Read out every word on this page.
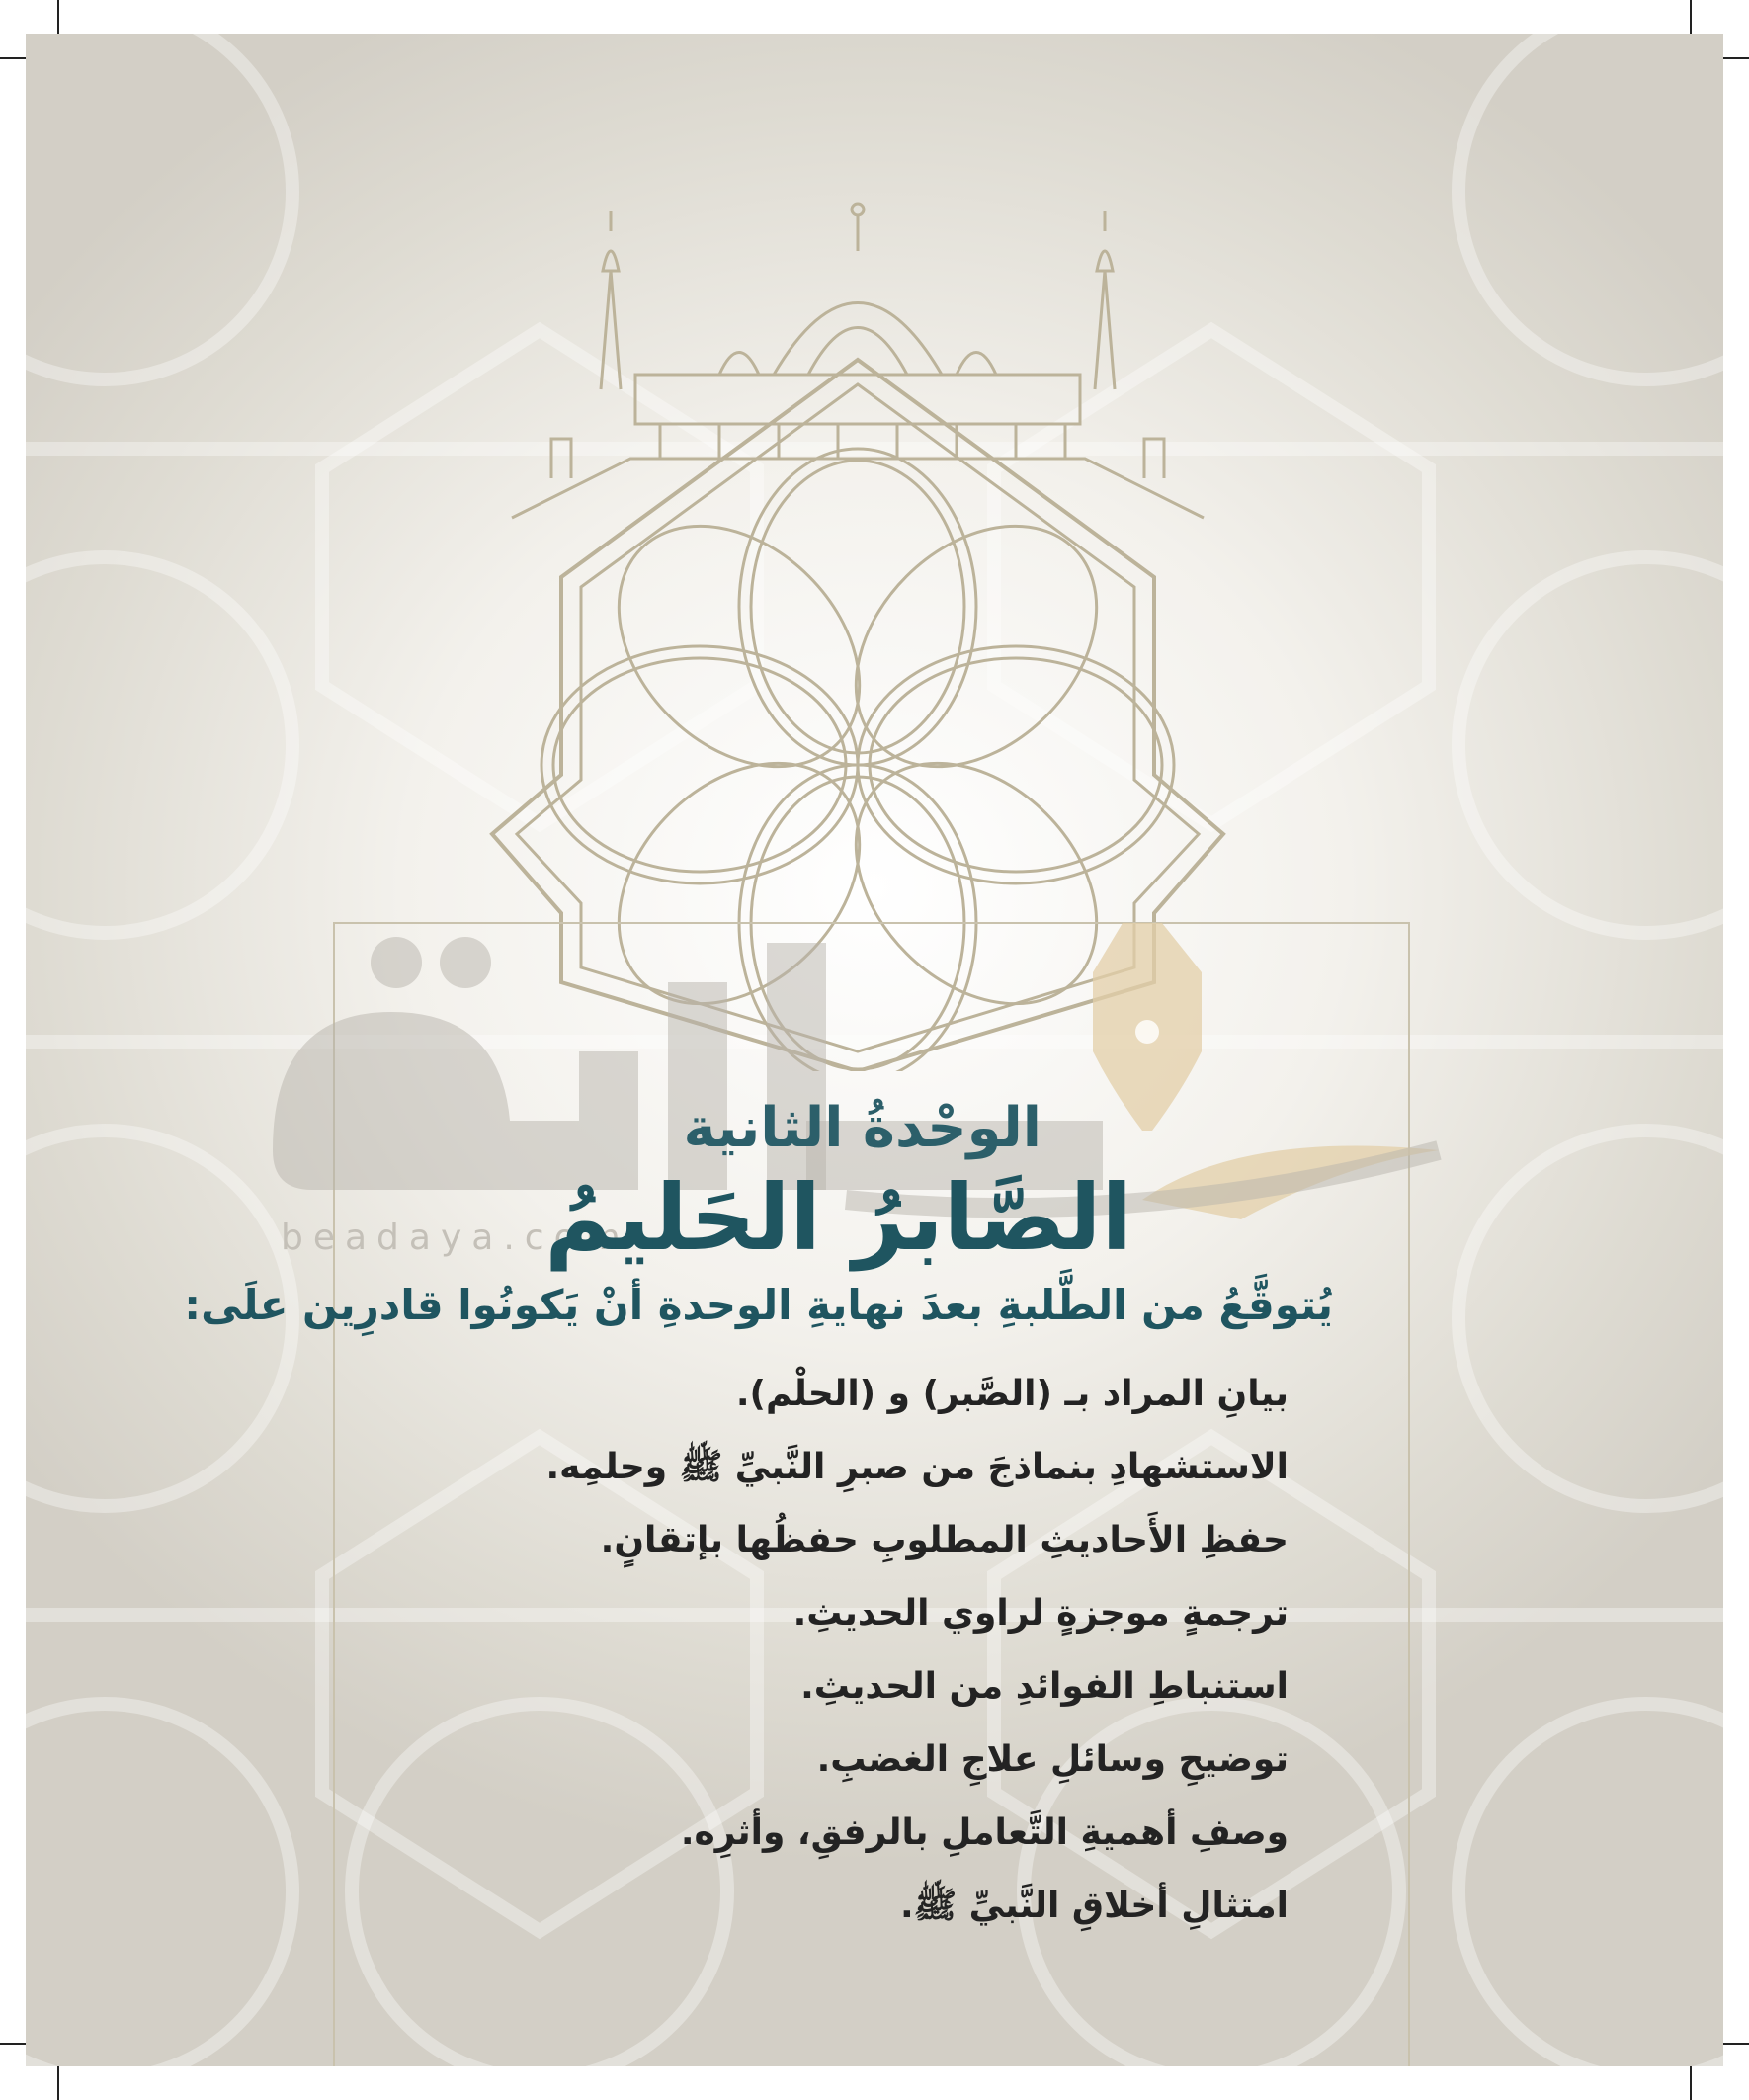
beadaya.com
الوحْدةُ الثانية
الصَّابرُ الحَليمُ
يُتوقَّعُ من الطَّلبةِ بعدَ نهايةِ الوحدةِ أنْ يَكونُوا قادرِين علَى:
بيانِ المراد بـ (الصَّبر) و (الحلْم).
الاستشهادِ بنماذجَ من صبرِ النَّبيِّ ﷺ وحلمِه.
حفظِ الأَحاديثِ المطلوبِ حفظُها بإتقانٍ.
ترجمةٍ موجزةٍ لراوي الحديثِ.
استنباطِ الفوائدِ من الحديثِ.
توضيحِ وسائلِ علاجِ الغضبِ.
وصفِ أهميةِ التَّعاملِ بالرفقِ، وأثرِه.
امتثالِ أخلاقِ النَّبيِّ ﷺ.
